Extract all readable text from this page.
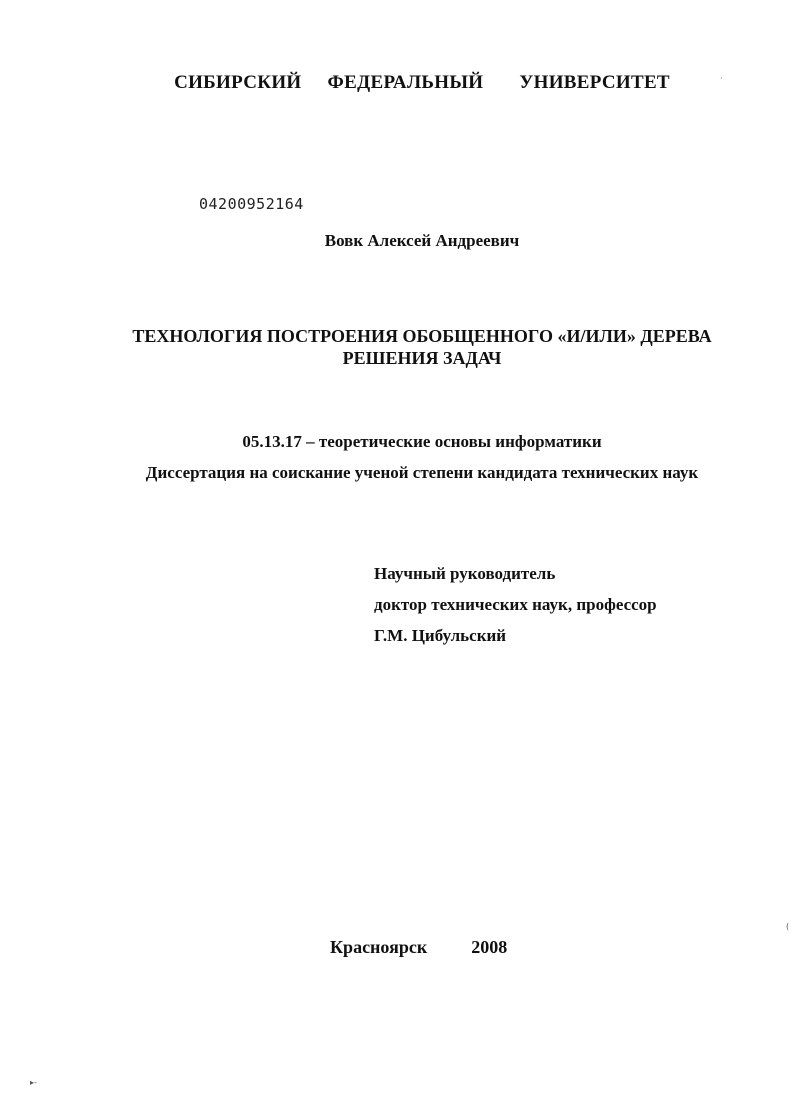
СИБИРСКИЙ ФЕДЕРАЛЬНЫЙ УНИВЕРСИТЕТ
04200952164
Вовк Алексей Андреевич
ТЕХНОЛОГИЯ ПОСТРОЕНИЯ ОБОБЩЕННОГО «И/ИЛИ» ДЕРЕВА
РЕШЕНИЯ ЗАДАЧ
05.13.17 – теоретические основы информатики
Диссертация на соискание ученой степени кандидата технических наук
Научный руководитель
доктор технических наук, профессор
Г.М. Цибульский
Красноярск 2008
·
(
▸-
